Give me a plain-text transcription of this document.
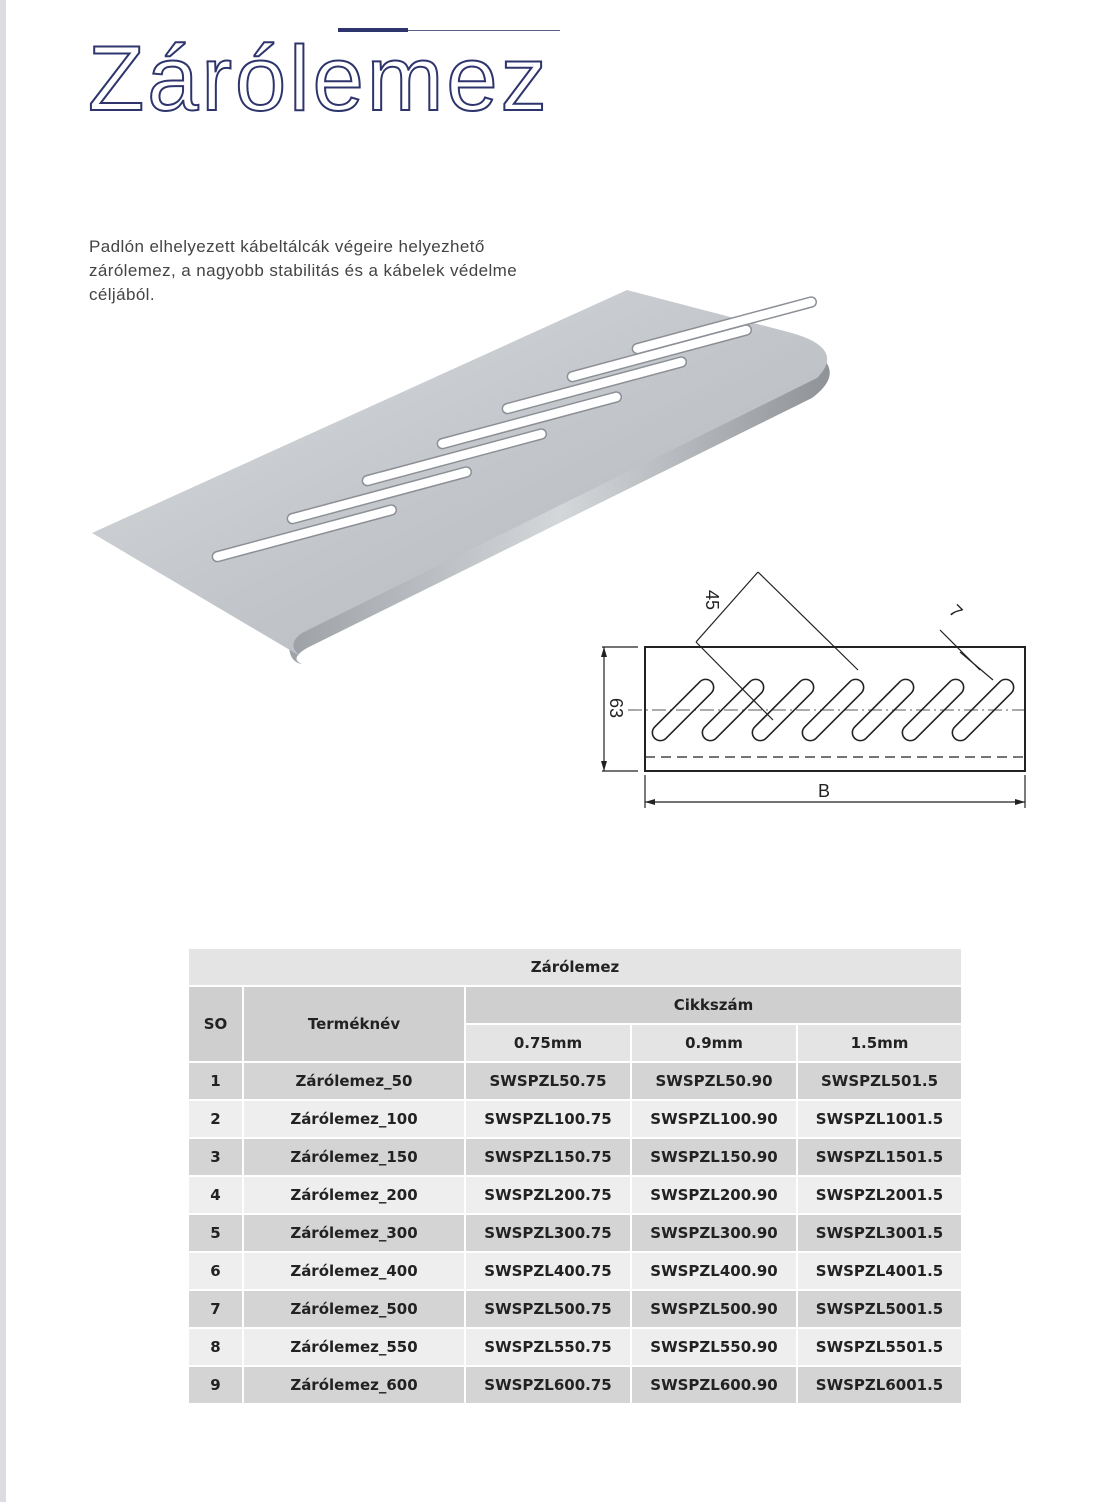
Zárólemez

Padlón elhelyezett kábeltálcák végeire helyezhető zárólemez, a nagyobb stabilitás és a kábelek védelme céljából.

45
7
63
B
Zárólemez				
SO	Terméknév	Cikkszám		
		0.75mm	0.9mm	1.5mm
1	Zárólemez_50	SWSPZL50.75	SWSPZL50.90	SWSPZL501.5
2	Zárólemez_100	SWSPZL100.75	SWSPZL100.90	SWSPZL1001.5
3	Zárólemez_150	SWSPZL150.75	SWSPZL150.90	SWSPZL1501.5
4	Zárólemez_200	SWSPZL200.75	SWSPZL200.90	SWSPZL2001.5
5	Zárólemez_300	SWSPZL300.75	SWSPZL300.90	SWSPZL3001.5
6	Zárólemez_400	SWSPZL400.75	SWSPZL400.90	SWSPZL4001.5
7	Zárólemez_500	SWSPZL500.75	SWSPZL500.90	SWSPZL5001.5
8	Zárólemez_550	SWSPZL550.75	SWSPZL550.90	SWSPZL5501.5
9	Zárólemez_600	SWSPZL600.75	SWSPZL600.90	SWSPZL6001.5
